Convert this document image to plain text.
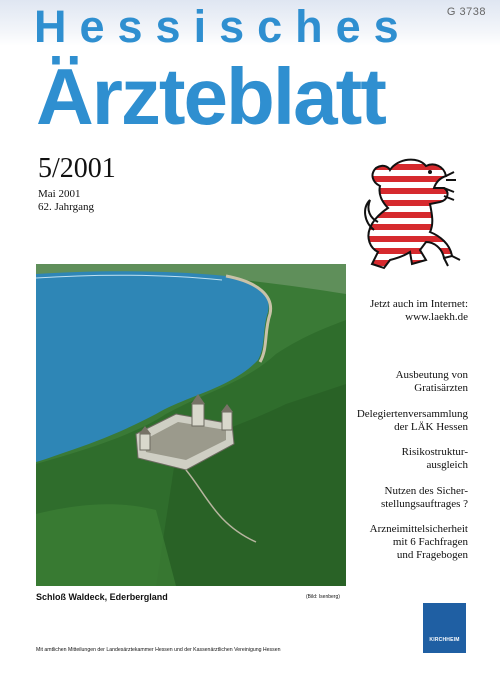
G 3738
Hessisches
Ärzteblatt
5/2001
Mai 2001
62. Jahrgang
Schloß Waldeck, Ederbergland	(Bild: Isenberg)
Jetzt auch im Internet:
www.laekh.de
Ausbeutung von
Gratisärzten
Delegiertenversammlung
der LÄK Hessen
Risikostruktur-
ausgleich
Nutzen des Sicher-
stellungsauftrages ?
Arzneimittelsicherheit
mit 6 Fachfragen
und Fragebogen
KIRCHHEIM
Mit amtlichen Mitteilungen der Landesärztekammer Hessen und der Kassenärztlichen Vereinigung Hessen
